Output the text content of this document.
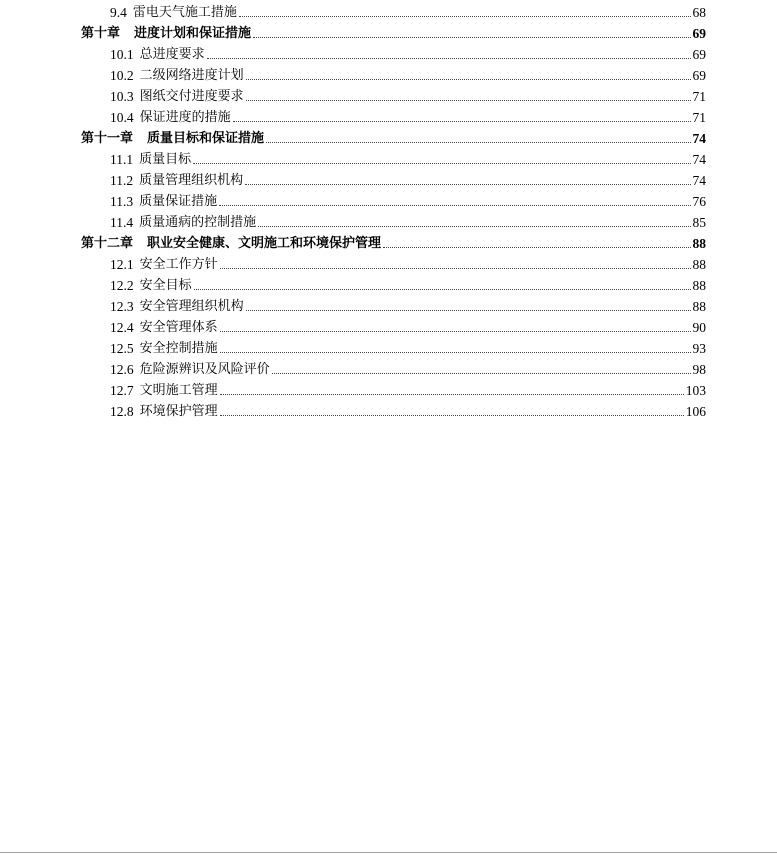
9.4 雷电天气施工措施	68
第十章 进度计划和保证措施	69
10.1 总进度要求	69
10.2 二级网络进度计划	69
10.3 图纸交付进度要求	71
10.4 保证进度的措施	71
第十一章 质量目标和保证措施	74
11.1 质量目标	74
11.2 质量管理组织机构	74
11.3 质量保证措施	76
11.4 质量通病的控制措施	85
第十二章 职业安全健康、文明施工和环境保护管理	88
12.1 安全工作方针	88
12.2 安全目标	88
12.3 安全管理组织机构	88
12.4 安全管理体系	90
12.5 安全控制措施	93
12.6 危险源辨识及风险评价	98
12.7 文明施工管理	103
12.8 环境保护管理	106
